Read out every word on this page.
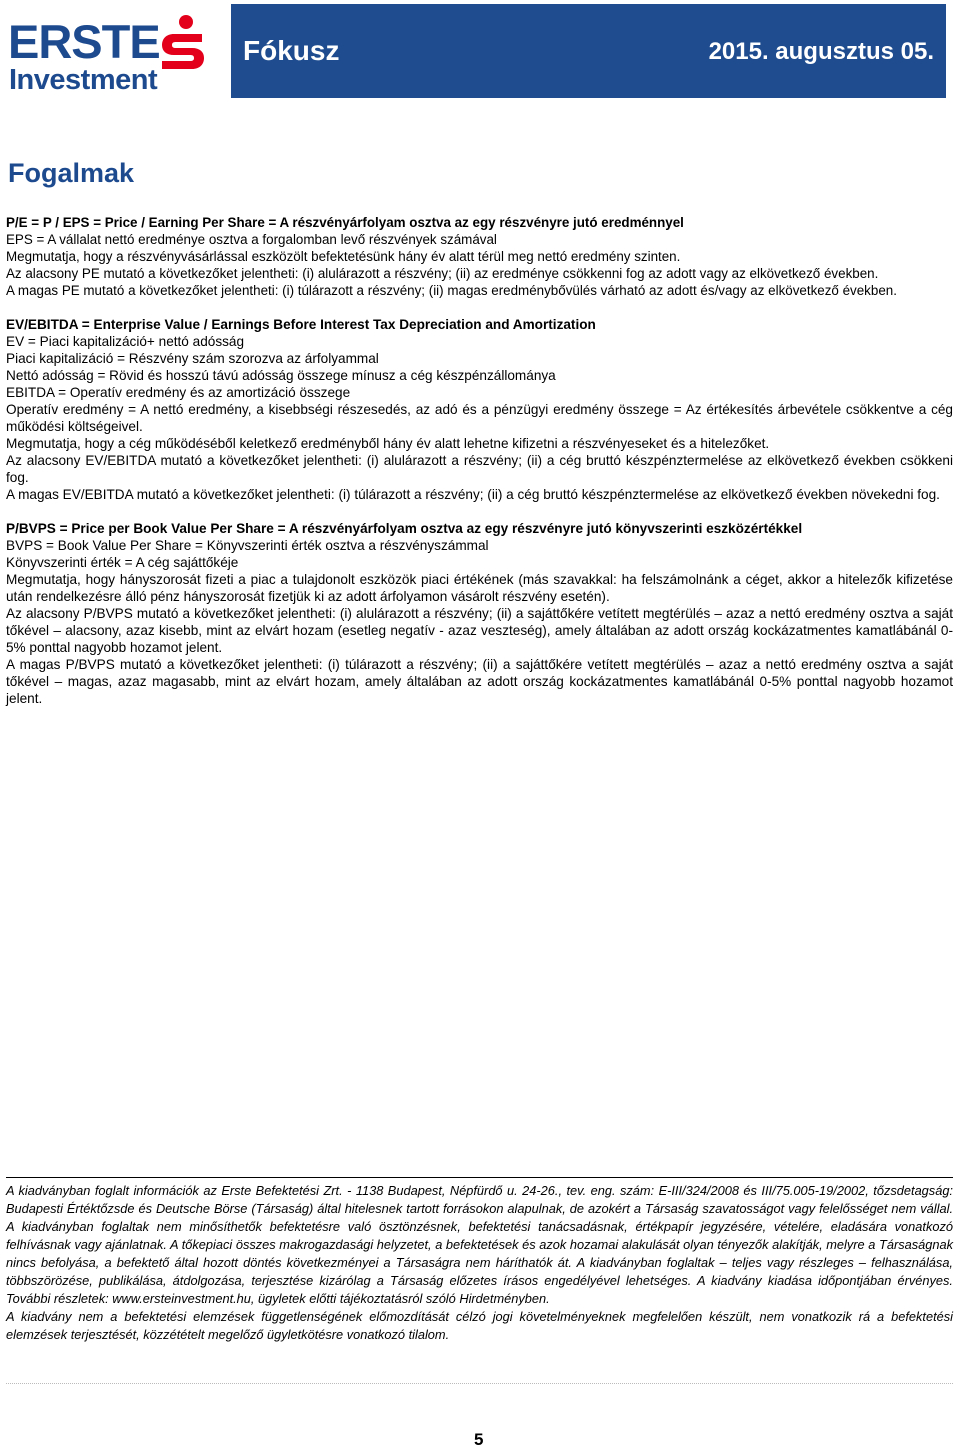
ERSTE
Investment
Fókusz	2015. augusztus 05.
Fogalmak

P/E = P / EPS = Price / Earning Per Share = A részvényárfolyam osztva az egy részvényre jutó eredménnyel

EPS = A vállalat nettó eredménye osztva a forgalomban levő részvények számával

Megmutatja, hogy a részvényvásárlással eszközölt befektetésünk hány év alatt térül meg nettó eredmény szinten.

Az alacsony PE mutató a következőket jelentheti: (i) alulárazott a részvény; (ii) az eredménye csökkenni fog az adott vagy az elkövetkező években.

A magas PE mutató a következőket jelentheti: (i) túlárazott a részvény; (ii) magas eredménybővülés várható az adott és/vagy az elkövetkező években.

EV/EBITDA = Enterprise Value / Earnings Before Interest Tax Depreciation and Amortization

EV = Piaci kapitalizáció+ nettó adósság

Piaci kapitalizáció = Részvény szám szorozva az árfolyammal

Nettó adósság = Rövid és hosszú távú adósság összege mínusz a cég készpénzállománya

EBITDA = Operatív eredmény és az amortizáció összege

Operatív eredmény = A nettó eredmény, a kisebbségi részesedés, az adó és a pénzügyi eredmény összege = Az értékesítés árbevétele csökkentve a cég működési költségeivel.

Megmutatja, hogy a cég működéséből keletkező eredményből hány év alatt lehetne kifizetni a részvényeseket és a hitelezőket.

Az alacsony EV/EBITDA mutató a következőket jelentheti: (i) alulárazott a részvény; (ii) a cég bruttó készpénztermelése az elkövetkező években csökkeni fog.

A magas EV/EBITDA mutató a következőket jelentheti: (i) túlárazott a részvény; (ii) a cég bruttó készpénztermelése az elkövetkező években növekedni fog.

P/BVPS = Price per Book Value Per Share = A részvényárfolyam osztva az egy részvényre jutó könyvszerinti eszközértékkel

BVPS = Book Value Per Share = Könyvszerinti érték osztva a részvényszámmal

Könyvszerinti érték = A cég sajáttőkéje

Megmutatja, hogy hányszorosát fizeti a piac a tulajdonolt eszközök piaci értékének (más szavakkal: ha felszámolnánk a céget, akkor a hitelezők kifizetése után rendelkezésre álló pénz hányszorosát fizetjük ki az adott árfolyamon vásárolt részvény esetén).

Az alacsony P/BVPS mutató a következőket jelentheti: (i) alulárazott a részvény; (ii) a sajáttőkére vetített megtérülés – azaz a nettó eredmény osztva a saját tőkével – alacsony, azaz kisebb, mint az elvárt hozam (esetleg negatív - azaz veszteség), amely általában az adott ország kockázatmentes kamatlábánál 0-5% ponttal nagyobb hozamot jelent.

A magas P/BVPS mutató a következőket jelentheti: (i) túlárazott a részvény; (ii) a sajáttőkére vetített megtérülés – azaz a nettó eredmény osztva a saját tőkével – magas, azaz magasabb, mint az elvárt hozam, amely általában az adott ország kockázatmentes kamatlábánál 0-5% ponttal nagyobb hozamot jelent.

A kiadványban foglalt információk az Erste Befektetési Zrt. - 1138 Budapest, Népfürdő u. 24-26., tev. eng. szám: E-III/324/2008 és III/75.005-19/2002, tőzsdetagság: Budapesti Értéktőzsde és Deutsche Börse (Társaság) által hitelesnek tartott forrásokon alapulnak, de azokért a Társaság szavatosságot vagy felelősséget nem vállal. A kiadványban foglaltak nem minősíthetők befektetésre való ösztönzésnek, befektetési tanácsadásnak, értékpapír jegyzésére, vételére, eladására vonatkozó felhívásnak vagy ajánlatnak. A tőkepiaci összes makrogazdasági helyzetet, a befektetések és azok hozamai alakulását olyan tényezők alakítják, melyre a Társaságnak nincs befolyása, a befektető által hozott döntés következményei a Társaságra nem háríthatók át. A kiadványban foglaltak – teljes vagy részleges – felhasználása, többszörözése, publikálása, átdolgozása, terjesztése kizárólag a Társaság előzetes írásos engedélyével lehetséges. A kiadvány kiadása időpontjában érvényes. További részletek: www.ersteinvestment.hu, ügyletek előtti tájékoztatásról szóló Hirdetményben.

A kiadvány nem a befektetési elemzések függetlenségének előmozdítását célzó jogi követelményeknek megfelelően készült, nem vonatkozik rá a befektetési elemzések terjesztését, közzétételt megelőző ügyletkötésre vonatkozó tilalom.

5
